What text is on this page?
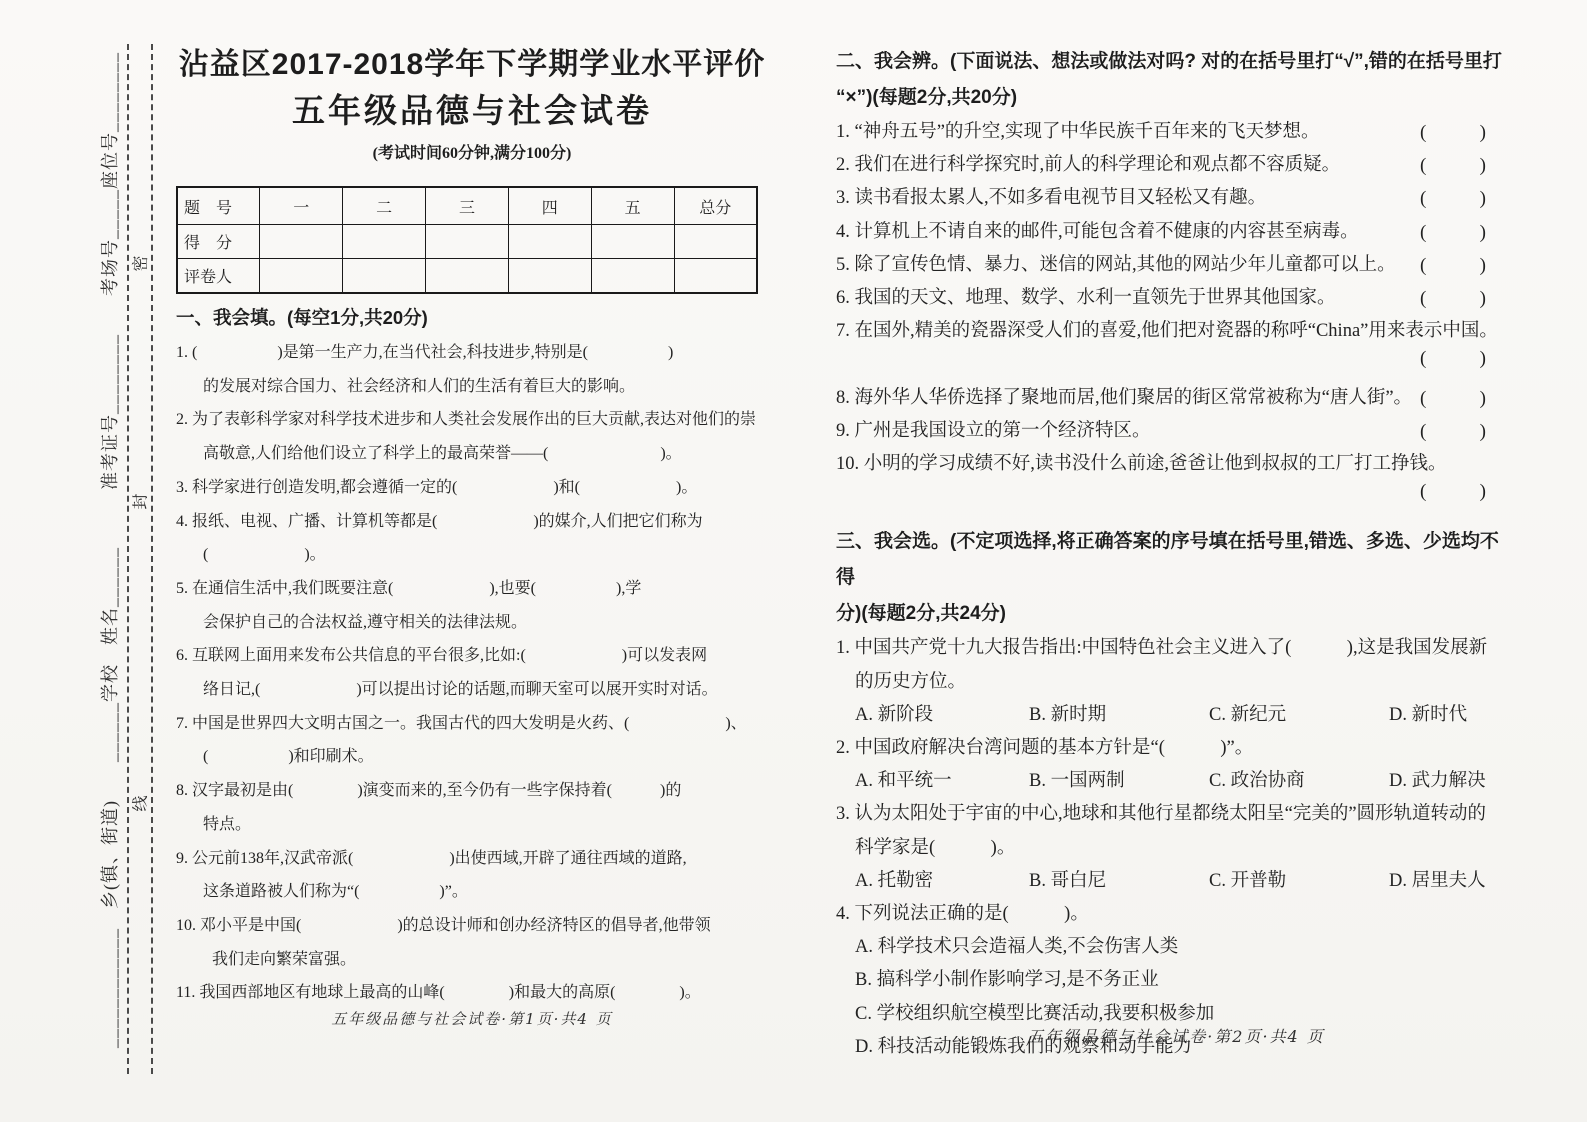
____________　乡(镇、街道)　　______学校　姓名______　　　准考证号________　　考场号_____座位号________ 密
封
线
沾益区2017-2018学年下学期学业水平评价
五年级品德与社会试卷
(考试时间60分钟,满分100分)
题　号	一	二	三	四	五	总分
得　分						
评卷人						
一、我会填。(每空1分,共20分)
1. (　　　　　)是第一生产力,在当代社会,科技进步,特别是(　　　　　)
的发展对综合国力、社会经济和人们的生活有着巨大的影响。
2. 为了表彰科学家对科学技术进步和人类社会发展作出的巨大贡献,表达对他们的崇
高敬意,人们给他们设立了科学上的最高荣誉——(　　　　　　　)。
3. 科学家进行创造发明,都会遵循一定的(　　　　　　)和(　　　　　　)。
4. 报纸、电视、广播、计算机等都是(　　　　　　)的媒介,人们把它们称为
(　　　　　　)。
5. 在通信生活中,我们既要注意(　　　　　　),也要(　　　　　),学
会保护自己的合法权益,遵守相关的法律法规。
6. 互联网上面用来发布公共信息的平台很多,比如:(　　　　　　)可以发表网
络日记,(　　　　　　)可以提出讨论的话题,而聊天室可以展开实时对话。
7. 中国是世界四大文明古国之一。我国古代的四大发明是火药、(　　　　　　)、
(　　　　　)和印刷术。
8. 汉字最初是由(　　　　)演变而来的,至今仍有一些字保持着(　　　)的
特点。
9. 公元前138年,汉武帝派(　　　　　　)出使西域,开辟了通往西域的道路,
这条道路被人们称为“(　　　　　)”。
10. 邓小平是中国(　　　　　　)的总设计师和创办经济特区的倡导者,他带领
我们走向繁荣富强。
11. 我国西部地区有地球上最高的山峰(　　　　)和最大的高原(　　　　)。
五年级品德与社会试卷·第1页·共4 页
二、我会辨。(下面说法、想法或做法对吗? 对的在括号里打“√”,错的在括号里打
“×”)(每题2分,共20分)
1. “神舟五号”的升空,实现了中华民族千百年来的飞天梦想。	(	)
2. 我们在进行科学探究时,前人的科学理论和观点都不容质疑。	(	)
3. 读书看报太累人,不如多看电视节目又轻松又有趣。	(	)
4. 计算机上不请自来的邮件,可能包含着不健康的内容甚至病毒。	(	)
5. 除了宣传色情、暴力、迷信的网站,其他的网站少年儿童都可以上。 (	)
6. 我国的天文、地理、数学、水利一直领先于世界其他国家。	(	)
7. 在国外,精美的瓷器深受人们的喜爱,他们把对瓷器的称呼“China”用来表示中国。
(	)
8. 海外华人华侨选择了聚地而居,他们聚居的街区常常被称为“唐人街”。 (	)
9. 广州是我国设立的第一个经济特区。	(	)
10. 小明的学习成绩不好,读书没什么前途,爸爸让他到叔叔的工厂打工挣钱。
(	)
三、我会选。(不定项选择,将正确答案的序号填在括号里,错选、多选、少选均不得
分)(每题2分,共24分)
1. 中国共产党十九大报告指出:中国特色社会主义进入了(　　　),这是我国发展新
的历史方位。
A. 新阶段	B. 新时期	C. 新纪元	D. 新时代
2. 中国政府解决台湾问题的基本方针是“(　　　)”。
A. 和平统一	B. 一国两制	C. 政治协商	D. 武力解决
3. 认为太阳处于宇宙的中心,地球和其他行星都绕太阳呈“完美的”圆形轨道转动的
科学家是(　　　)。
A. 托勒密	B. 哥白尼	C. 开普勒	D. 居里夫人
4. 下列说法正确的是(　　　)。
A. 科学技术只会造福人类,不会伤害人类
B. 搞科学小制作影响学习,是不务正业
C. 学校组织航空模型比赛活动,我要积极参加
D. 科技活动能锻炼我们的观察和动手能力
五年级品德与社会试卷·第2页·共4 页
